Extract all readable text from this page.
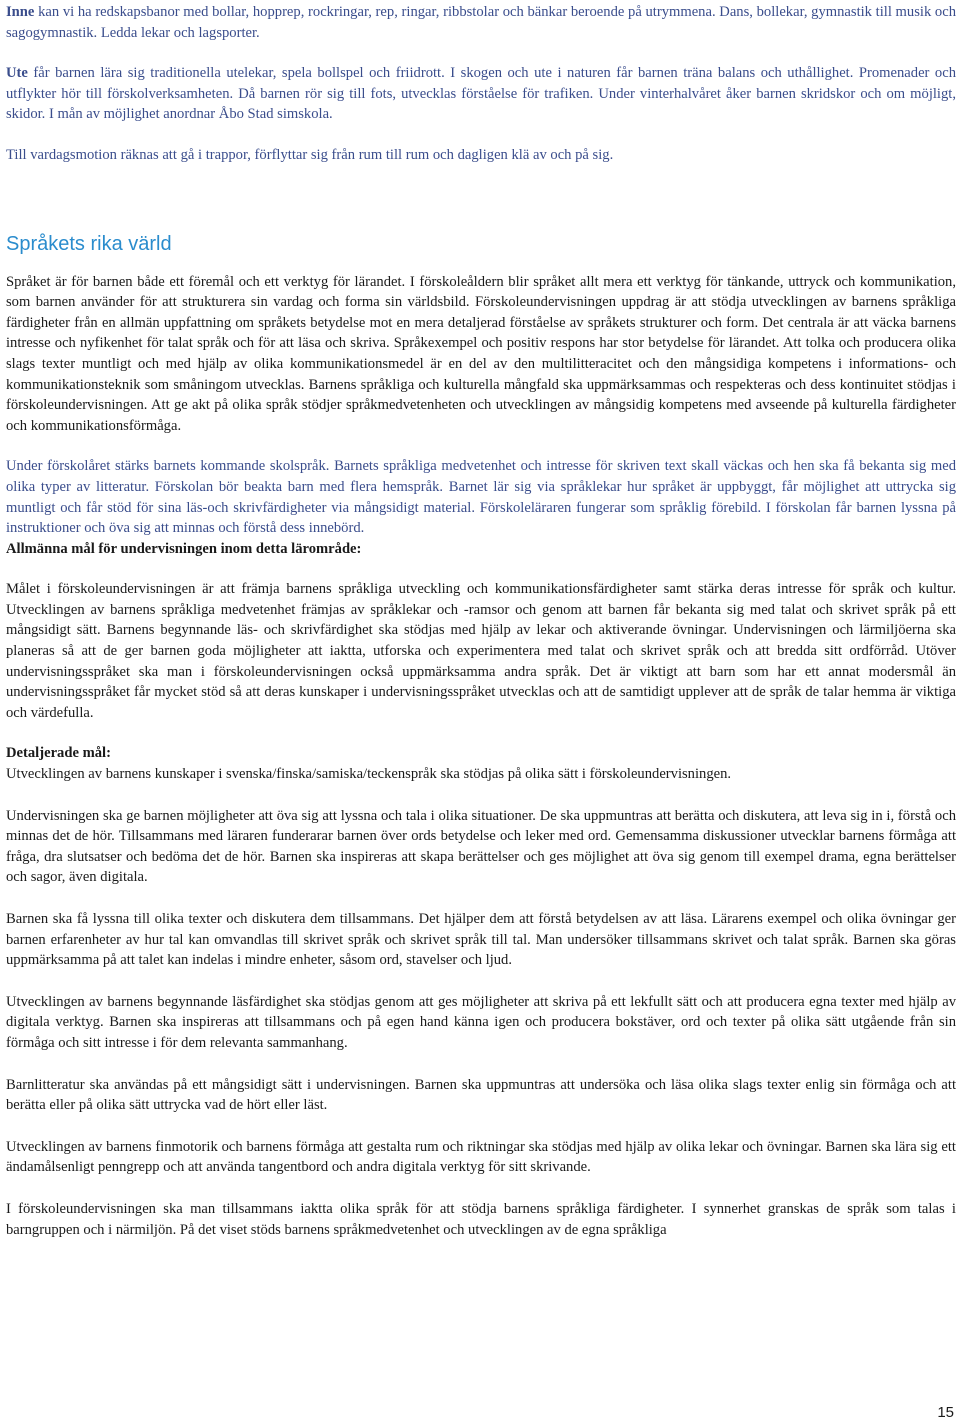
Inne kan vi ha redskapsbanor med bollar, hopprep, rockringar, rep, ringar, ribbstolar och bänkar beroende på utrymmena. Dans, bollekar, gymnastik till musik och sagogymnastik. Ledda lekar och lagsporter.

Ute får barnen lära sig traditionella utelekar, spela bollspel och friidrott. I skogen och ute i naturen får barnen träna balans och uthållighet. Promenader och utflykter hör till förskolverksamheten. Då barnen rör sig till fots, utvecklas förståelse för trafiken. Under vinterhalvåret åker barnen skridskor och om möjligt, skidor. I mån av möjlighet anordnar Åbo Stad simskola.

Till vardagsmotion räknas att gå i trappor, förflyttar sig från rum till rum och dagligen klä av och på sig.

Språkets rika värld

Språket är för barnen både ett föremål och ett verktyg för lärandet. I förskoleåldern blir språket allt mera ett verktyg för tänkande, uttryck och kommunikation, som barnen använder för att strukturera sin vardag och forma sin världsbild. Förskoleundervisningen uppdrag är att stödja utvecklingen av barnens språkliga färdigheter från en allmän uppfattning om språkets betydelse mot en mera detaljerad förståelse av språkets strukturer och form. Det centrala är att väcka barnens intresse och nyfikenhet för talat språk och för att läsa och skriva. Språkexempel och positiv respons har stor betydelse för lärandet. Att tolka och producera olika slags texter muntligt och med hjälp av olika kommunikationsmedel är en del av den multilitteracitet och den mångsidiga kompetens i informations- och kommunikationsteknik som småningom utvecklas. Barnens språkliga och kulturella mångfald ska uppmärksammas och respekteras och dess kontinuitet stödjas i förskoleundervisningen. Att ge akt på olika språk stödjer språkmedvetenheten och utvecklingen av mångsidig kompetens med avseende på kulturella färdigheter och kommunikationsförmåga.

Under förskolåret stärks barnets kommande skolspråk. Barnets språkliga medvetenhet och intresse för skriven text skall väckas och hen ska få bekanta sig med olika typer av litteratur. Förskolan bör beakta barn med flera hemspråk. Barnet lär sig via språklekar hur språket är uppbyggt, får möjlighet att uttrycka sig muntligt och får stöd för sina läs-och skrivfärdigheter via mångsidigt material. Förskoleläraren fungerar som språklig förebild. I förskolan får barnen lyssna på instruktioner och öva sig att minnas och förstå dess innebörd.

Allmänna mål för undervisningen inom detta lärområde:

Målet i förskoleundervisningen är att främja barnens språkliga utveckling och kommunikationsfärdigheter samt stärka deras intresse för språk och kultur. Utvecklingen av barnens språkliga medvetenhet främjas av språklekar och -ramsor och genom att barnen får bekanta sig med talat och skrivet språk på ett mångsidigt sätt. Barnens begynnande läs- och skrivfärdighet ska stödjas med hjälp av lekar och aktiverande övningar. Undervisningen och lärmiljöerna ska planeras så att de ger barnen goda möjligheter att iaktta, utforska och experimentera med talat och skrivet språk och att bredda sitt ordförråd. Utöver undervisningsspråket ska man i förskoleundervisningen också uppmärksamma andra språk. Det är viktigt att barn som har ett annat modersmål än undervisningsspråket får mycket stöd så att deras kunskaper i undervisningsspråket utvecklas och att de samtidigt upplever att de språk de talar hemma är viktiga och värdefulla.

Detaljerade mål:

Utvecklingen av barnens kunskaper i svenska/finska/samiska/teckenspråk ska stödjas på olika sätt i förskoleundervisningen.

Undervisningen ska ge barnen möjligheter att öva sig att lyssna och tala i olika situationer. De ska uppmuntras att berätta och diskutera, att leva sig in i, förstå och minnas det de hör. Tillsammans med läraren funderarar barnen över ords betydelse och leker med ord. Gemensamma diskussioner utvecklar barnens förmåga att fråga, dra slutsatser och bedöma det de hör. Barnen ska inspireras att skapa berättelser och ges möjlighet att öva sig genom till exempel drama, egna berättelser och sagor, även digitala.

Barnen ska få lyssna till olika texter och diskutera dem tillsammans. Det hjälper dem att förstå betydelsen av att läsa. Lärarens exempel och olika övningar ger barnen erfarenheter av hur tal kan omvandlas till skrivet språk och skrivet språk till tal. Man undersöker tillsammans skrivet och talat språk. Barnen ska göras uppmärksamma på att talet kan indelas i mindre enheter, såsom ord, stavelser och ljud.

Utvecklingen av barnens begynnande läsfärdighet ska stödjas genom att ges möjligheter att skriva på ett lekfullt sätt och att producera egna texter med hjälp av digitala verktyg. Barnen ska inspireras att tillsammans och på egen hand känna igen och producera bokstäver, ord och texter på olika sätt utgående från sin förmåga och sitt intresse i för dem relevanta sammanhang.

Barnlitteratur ska användas på ett mångsidigt sätt i undervisningen. Barnen ska uppmuntras att undersöka och läsa olika slags texter enlig sin förmåga och att berätta eller på olika sätt uttrycka vad de hört eller läst.

Utvecklingen av barnens finmotorik och barnens förmåga att gestalta rum och riktningar ska stödjas med hjälp av olika lekar och övningar. Barnen ska lära sig ett ändamålsenligt penngrepp och att använda tangentbord och andra digitala verktyg för sitt skrivande.

I förskoleundervisningen ska man tillsammans iaktta olika språk för att stödja barnens språkliga färdigheter. I synnerhet granskas de språk som talas i barngruppen och i närmiljön. På det viset stöds barnens språkmedvetenhet och utvecklingen av de egna språkliga

15
